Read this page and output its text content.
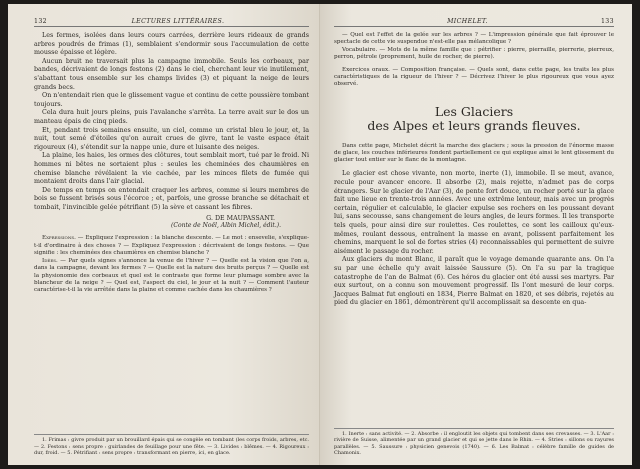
132	LECTURES LITTÉRAIRES.

Les fermes, isolées dans leurs cours carrées, derrière leurs rideaux de grands arbres poudrés de frimas (1), semblaient s'endormir sous l'accumulation de cette mousse épaisse et légère.

Aucun bruit ne traversait plus la campagne immobile. Seuls les corbeaux, par bandes, décrivaient de longs festons (2) dans le ciel, cherchant leur vie inutilement, s'abattant tous ensemble sur les champs livides (3) et piquant la neige de leurs grands becs.

On n'entendait rien que le glissement vague et continu de cette poussière tombant toujours.

Cela dura huit jours pleins, puis l'avalanche s'arrêta. La terre avait sur le dos un manteau épais de cinq pieds.

Et, pendant trois semaines ensuite, un ciel, comme un cristal bleu le jour, et, la nuit, tout semé d'étoiles qu'on aurait crues de givre, tant le vaste espace était rigoureux (4), s'étendit sur la nappe unie, dure et luisante des neiges.

La plaine, les haies, les ormes des clôtures, tout semblait mort, tué par le froid. Ni hommes ni bêtes ne sortaient plus : seules les cheminées des chaumières en chemise blanche révélaient la vie cachée, par les minces filets de fumée qui montaient droits dans l'air glacial.

De temps en temps on entendait craquer les arbres, comme si leurs membres de bois se fussent brisés sous l'écorce ; et, parfois, une grosse branche se détachait et tombait, l'invincible gelée pétrifiant (5) la sève et cassant les fibres.

G. DE MAUPASSANT.
(Conte de Noël, Albin Michel, édit.).

Expressions. — Expliquez l'expression : la blanche descente. — Le mot : ensevelie, s'explique-t-il d'ordinaire à des choses ? — Expliquez l'expression : décrivaient de longs festons. — Que signifie : les cheminées des chaumières en chemise blanche ?

Idées. — Par quels signes s'annonce la venue de l'hiver ? — Quelle est la vision que l'on a, dans la campagne, devant les fermes ? — Quelle est la nature des bruits perçus ? — Quelle est la physionomie des corbeaux et quel est le contraste que forme leur plumage sombre avec la blancheur de la neige ? — Quel est, l'aspect du ciel, le jour et la nuit ? — Comment l'auteur caractérise-t-il la vie arrêtée dans la plaine et comme cachée dans les chaumières ?

1. Frimas : givre produit par un brouillard épais qui se congèle en tombant (les corps froids, arbres, etc. — 2. Festons : sens propre : guirlandes de feuillage pour une fête. — 3. Livides : blêmes. — 4. Rigoureux : dur, froid. — 5. Pétrifiant : sens propre : transformant en pierre, ici, en glace.

MICHELET.	133

— Quel est l'effet de la gelée sur les arbres ? — L'impression générale que fait éprouver le spectacle de cette vie suspendue n'est-elle pas mélancolique ?

Vocabulaire. — Mots de la même famille que : pétrifier : pierre, pierraille, pierrerie, pierreux, perron, pétrole (proprement, huile de rocher, de pierre).

Exercices oraux. — Composition française. — Quels sont, dans cette page, les traits les plus caractéristiques de la rigueur de l'hiver ? — Décrivez l'hiver le plus rigoureux que vous ayez observé.

Les Glaciers
des Alpes et leurs grands fleuves.

Dans cette page, Michelet décrit la marche des glaciers ; sous la pression de l'énorme masse de glace, les couches inférieures fondent partiellement ce qui explique ainsi le lent glissement du glacier tout entier sur le flanc de la montagne.

Le glacier est chose vivante, non morte, inerte (1), immobile. Il se meut, avance, recule pour avancer encore. Il absorbe (2), mais rejette, n'admet pas de corps étrangers. Sur le glacier de l'Aar (3), de pente fort douce, un rocher porté sur la glace fait une lieue en trente-trois années. Avec une extrême lenteur, mais avec un progrès certain, régulier et calculable, le glacier expulse ses rochers en les poussant devant lui, sans secousse, sans changement de leurs angles, de leurs formes. Il les transporte tels quels, pour ainsi dire sur roulettes. Ces roulettes, ce sont les cailloux qu'eux-mêmes, roulant dessous, entraînent la masse en avant, polissent parfaitement les chemins, marquent le sol de fortes stries (4) reconnaissables qui permettent de suivre aisément le passage du rocher.

Aux glaciers du mont Blanc, il paraît que le voyage demande quarante ans. On l'a su par une échelle qu'y avait laissée Saussure (5). On l'a su par la tragique catastrophe de l'an de Balmat (6). Ces héros du glacier ont été aussi ses martyrs. Par eux surtout, on a connu son mouvement progressif. Ils l'ont mesuré de leur corps. Jacques Balmat fut englouti en 1834, Pierre Balmat en 1820, et ses débris, rejetés au pied du glacier en 1861, démontrèrent qu'il accomplissait sa descente en qua-

1. Inerte : sans activité. — 2. Absorbe : il engloutit les objets qui tombent dans ses crevasses. — 3. L'Aar : rivière de Suisse, alimentée par un grand glacier et qui se jette dans le Rhin. — 4. Stries : sillons ou rayures parallèles. — 5. Saussure : physicien genevois (1740). — 6. Les Balmat : célèbre famille de guides de Chamonix.
